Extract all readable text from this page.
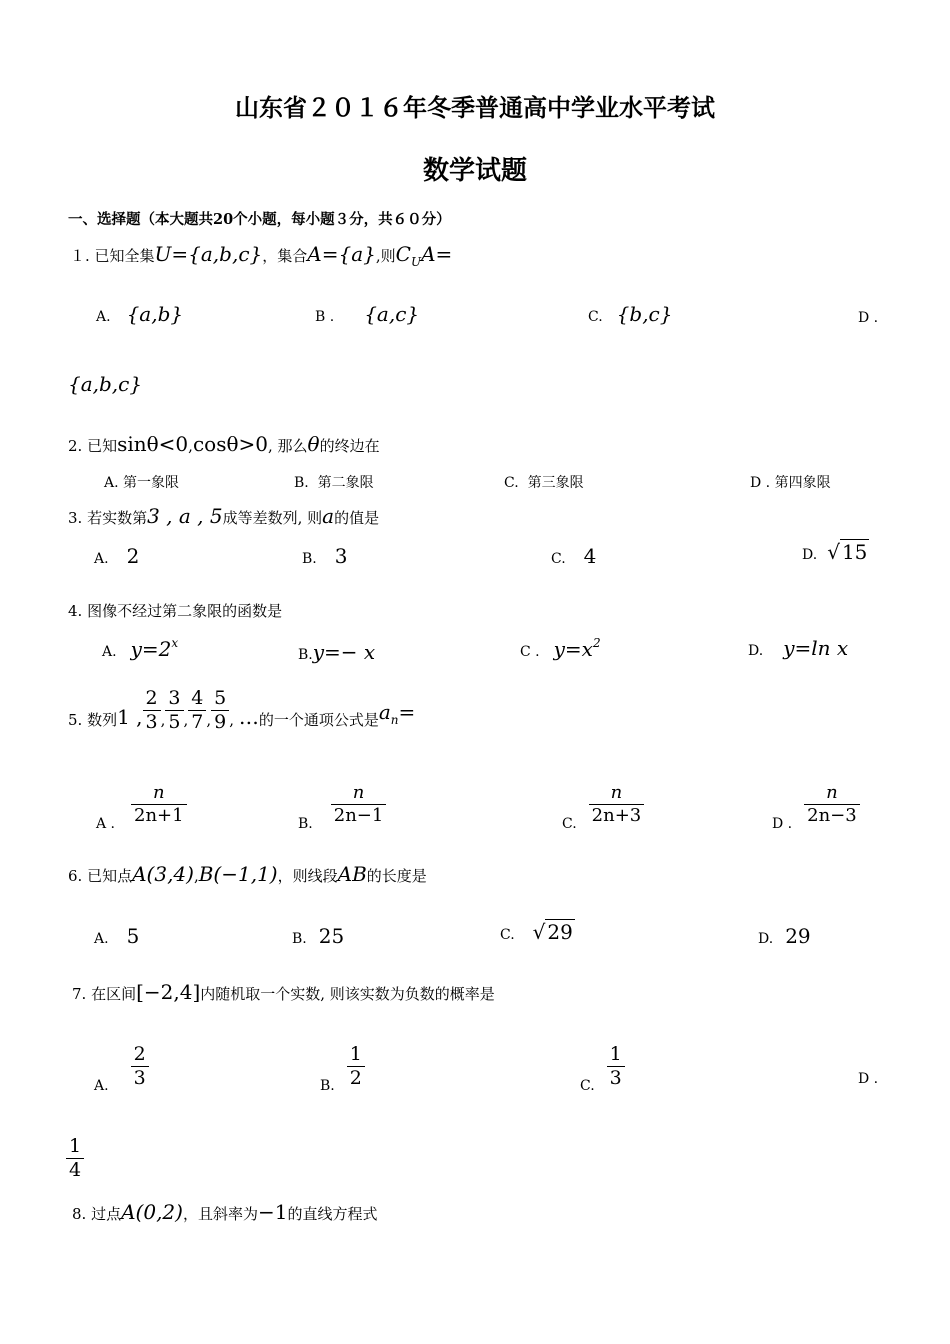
山东省２０１６年冬季普通高中学业水平考试
数学试题
一、选择题（本大题共20个小题，每小题３分，共６０分）
１. 已知全集U={a,b,c}，集合A={a},则$C_UA=$
A. {a,b}	B . {a,c}	C. {b,c}	D .
{a,b,c}
2. 已知sinθ<0,cosθ>0, 那么θ的终边在
A. 第一象限	B. 第二象限	C. 第三象限	D . 第四象限
3. 若实数第3 , a , 5成等差数列, 则a的值是
A. 2	B. 3	C. 4	D. √ 15
4. 图像不经过第二象限的函数是
A. $y=2^x$
B.y=− x	C . $y=x^2$	D. y=ln x
5. 数列 1 , $\frac{2}{3}$ , $\frac{3}{5}$ , $\frac{4}{7}$ , $\frac{5}{9}$ , … 的一个通项公式是 $a_n=$
A . $\frac{n}{2n+1}$	B. $\frac{n}{2n-1}$	C. $\frac{n}{2n+3}$	D . $\frac{n}{2n-3}$
6. 已知点A(3,4),B(−1,1)，则线段AB的长度是
A. 5	B. 25	C. √ 29	D. 29
7. 在区间[−2,4]内随机取一个实数, 则该实数为负数的概率是
A. $\frac{2}{3}$	B. $\frac{1}{2}$	C. $\frac{1}{3}$	D .
$\frac{1}{4}$
8. 过点A(0,2)，且斜率为−1的直线方程式
